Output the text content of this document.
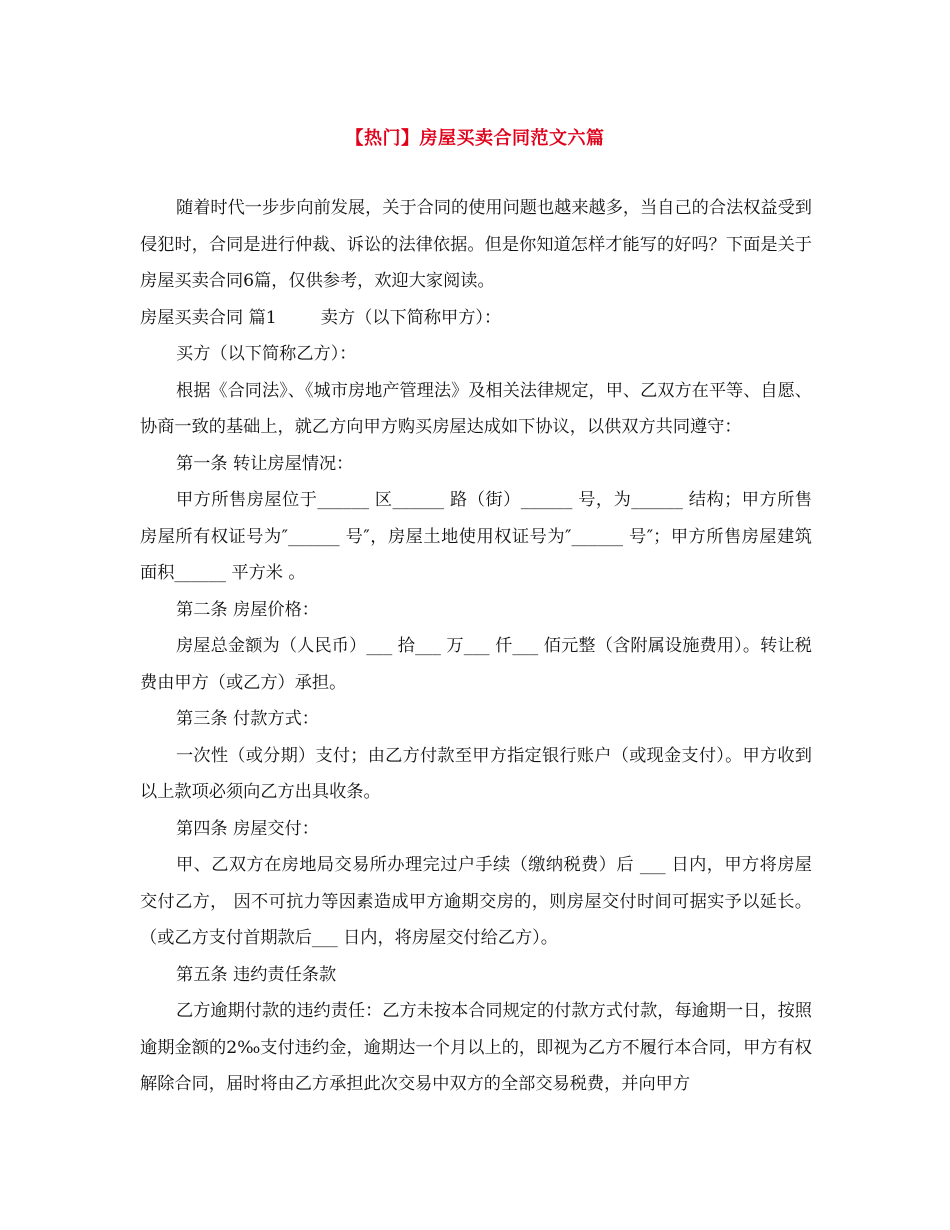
【热门】房屋买卖合同范文六篇

随着时代一步步向前发展，关于合同的使用问题也越来越多，当自己的合法权益受到侵犯时，合同是进行仲裁、诉讼的法律依据。但是你知道怎样才能写的好吗？下面是关于房屋买卖合同6篇，仅供参考，欢迎大家阅读。

房屋买卖合同 篇1	卖方（以下简称甲方）：

买方（以下简称乙方）：

根据《合同法》、《城市房地产管理法》及相关法律规定，甲、乙双方在平等、自愿、协商一致的基础上，就乙方向甲方购买房屋达成如下协议，以供双方共同遵守：

第一条 转让房屋情况：

甲方所售房屋位于______ 区______ 路（街）______ 号，为______ 结构；甲方所售房屋所有权证号为″______ 号″，房屋土地使用权证号为″______ 号″；甲方所售房屋建筑面积______ 平方米 。

第二条 房屋价格：

房屋总金额为（人民币）___ 拾___ 万___ 仟___ 佰元整（含附属设施费用）。转让税费由甲方（或乙方）承担。

第三条 付款方式：

一次性（或分期）支付；由乙方付款至甲方指定银行账户（或现金支付）。甲方收到以上款项必须向乙方出具收条。

第四条 房屋交付：

甲、乙双方在房地局交易所办理完过户手续（缴纳税费）后 ___ 日内，甲方将房屋交付乙方， 因不可抗力等因素造成甲方逾期交房的，则房屋交付时间可据实予以延长。（或乙方支付首期款后___ 日内，将房屋交付给乙方）。

第五条 违约责任条款

乙方逾期付款的违约责任：乙方未按本合同规定的付款方式付款，每逾期一日，按照逾期金额的2‰支付违约金，逾期达一个月以上的，即视为乙方不履行本合同，甲方有权解除合同，届时将由乙方承担此次交易中双方的全部交易税费，并向甲方
